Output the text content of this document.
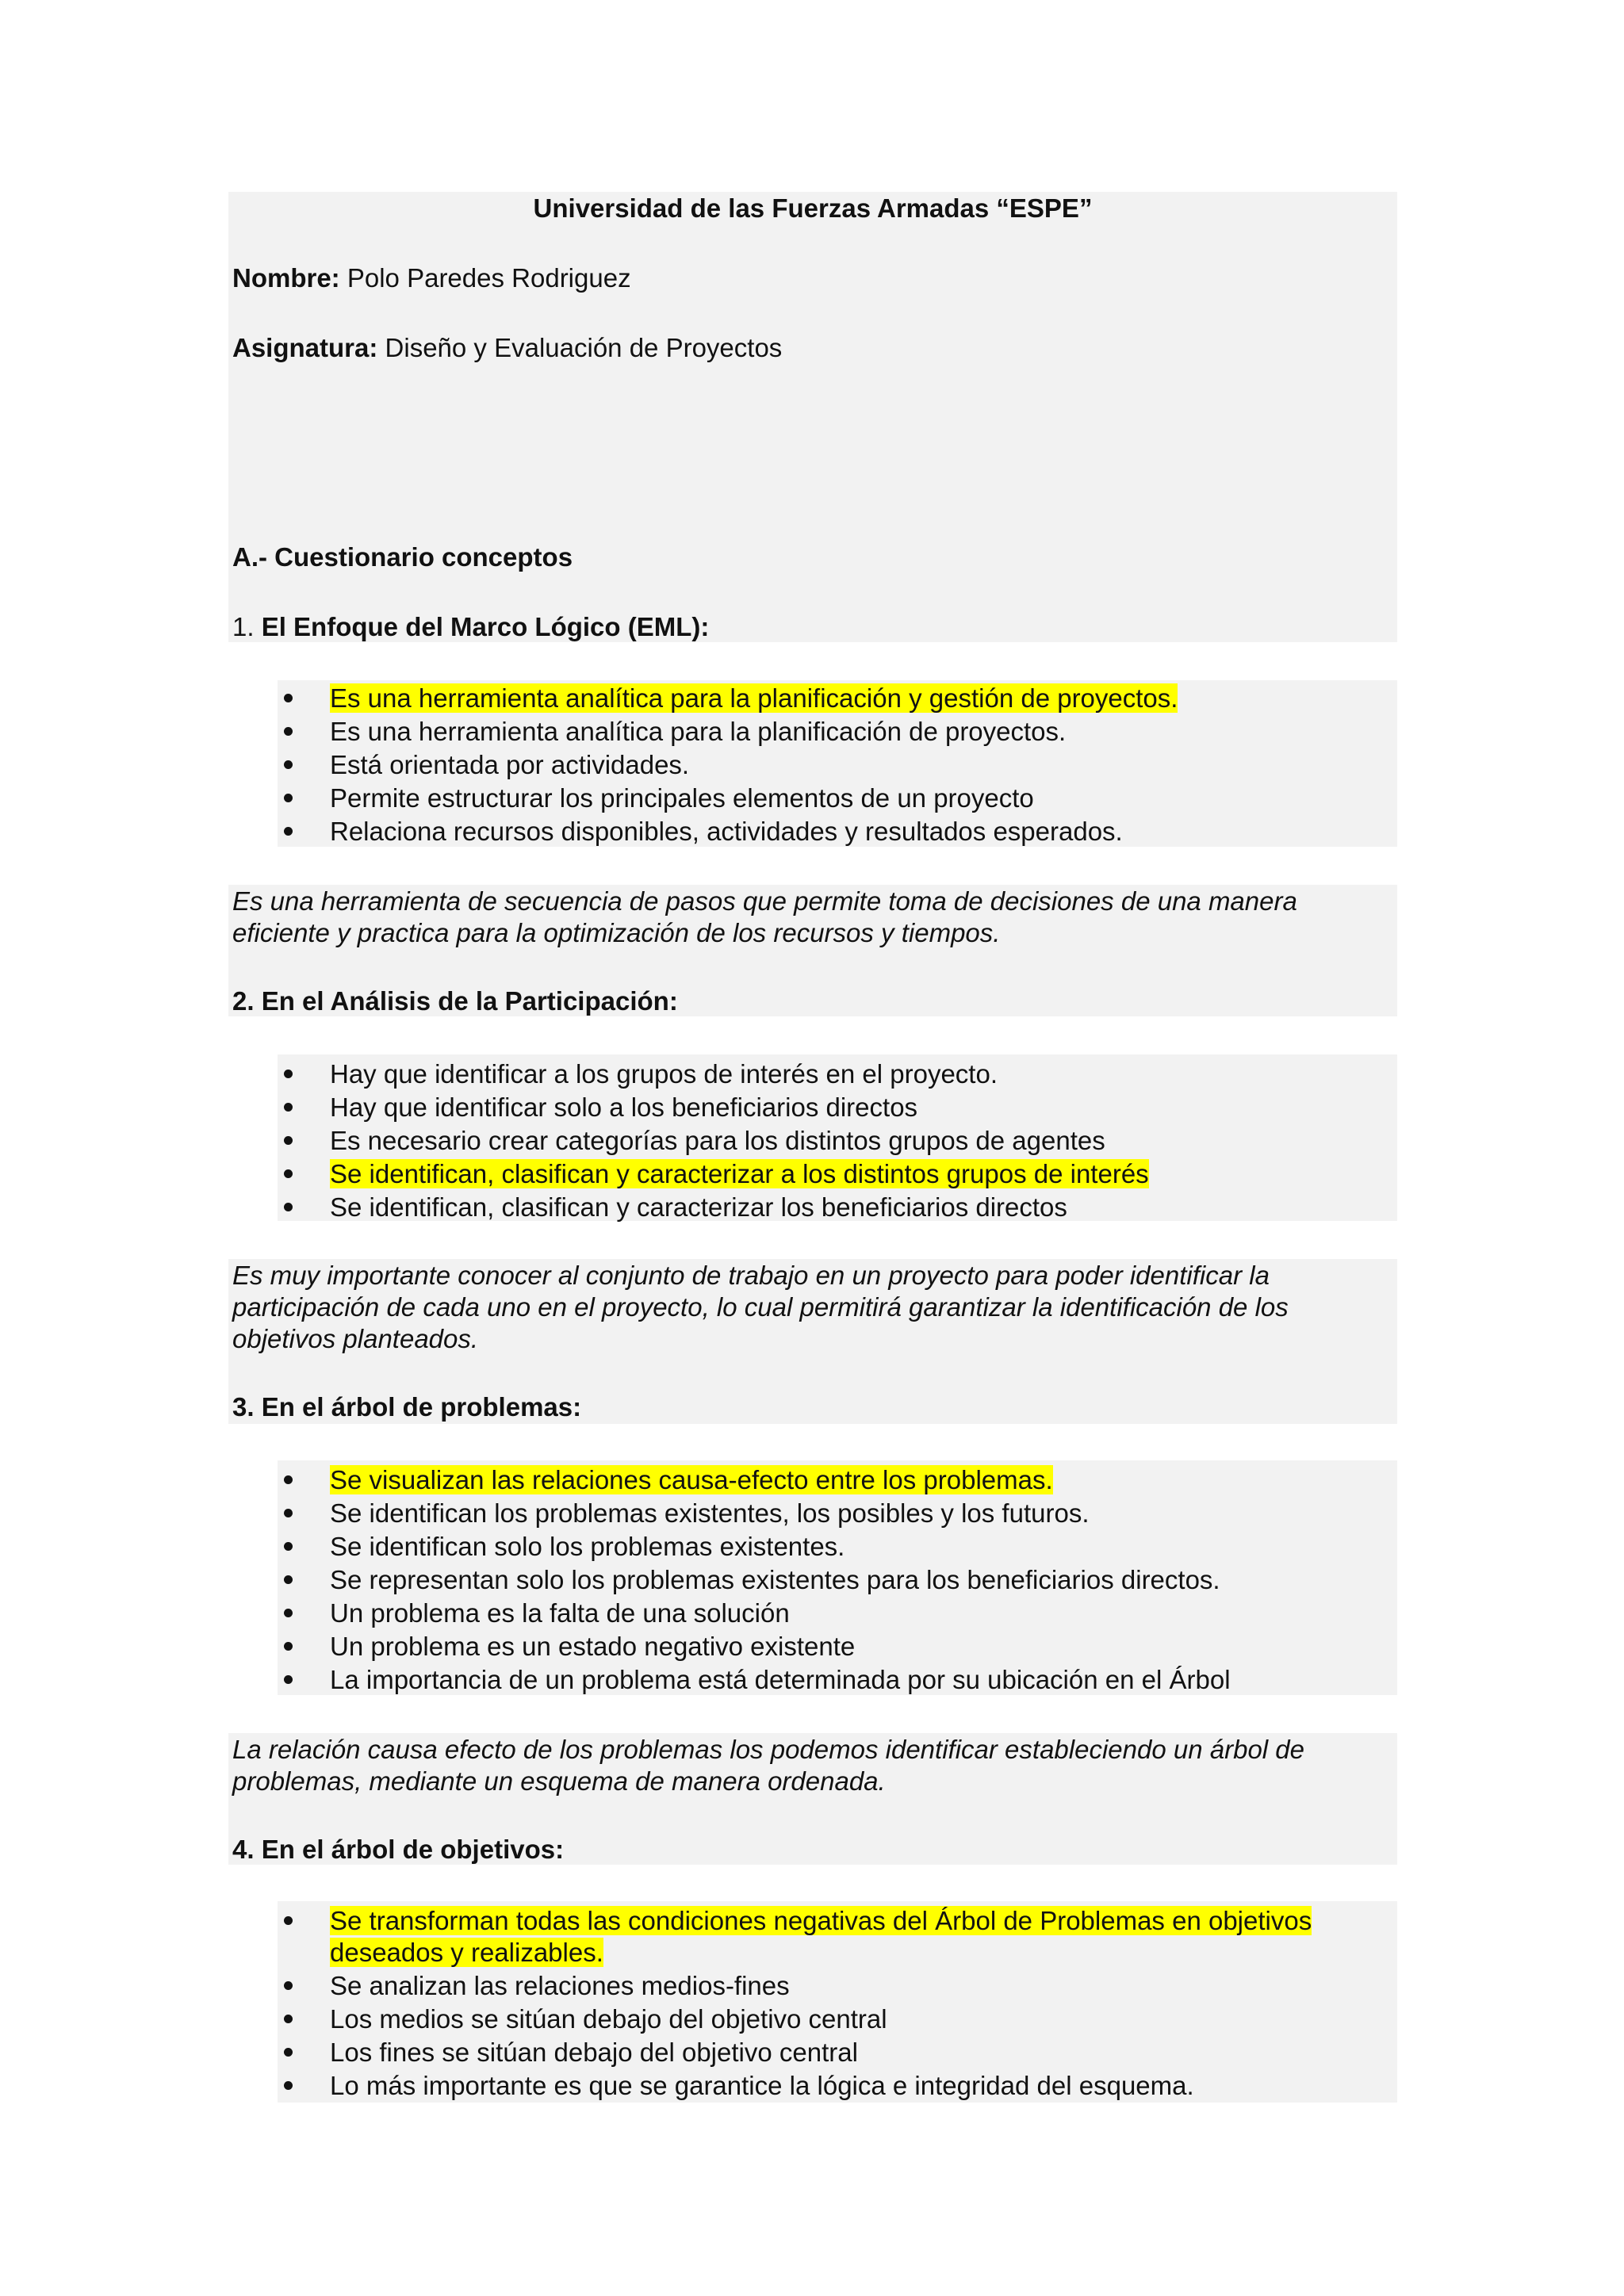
Universidad de las Fuerzas Armadas “ESPE”
Nombre: Polo Paredes Rodriguez
Asignatura: Diseño y Evaluación de Proyectos
A.- Cuestionario conceptos
1. El Enfoque del Marco Lógico (EML):
Es una herramienta analítica para la planificación y gestión de proyectos.
Es una herramienta analítica para la planificación de proyectos.
Está orientada por actividades.
Permite estructurar los principales elementos de un proyecto
Relaciona recursos disponibles, actividades y resultados esperados.
Es una herramienta de secuencia de pasos que permite toma de decisiones de una manera
eficiente y practica para la optimización de los recursos y tiempos.
2. En el Análisis de la Participación:
Hay que identificar a los grupos de interés en el proyecto.
Hay que identificar solo a los beneficiarios directos
Es necesario crear categorías para los distintos grupos de agentes
Se identifican, clasifican y caracterizar a los distintos grupos de interés
Se identifican, clasifican y caracterizar los beneficiarios directos
Es muy importante conocer al conjunto de trabajo en un proyecto para poder identificar la
participación de cada uno en el proyecto, lo cual permitirá garantizar la identificación de los
objetivos planteados.
3. En el árbol de problemas:
Se visualizan las relaciones causa-efecto entre los problemas.
Se identifican los problemas existentes, los posibles y los futuros.
Se identifican solo los problemas existentes.
Se representan solo los problemas existentes para los beneficiarios directos.
Un problema es la falta de una solución
Un problema es un estado negativo existente
La importancia de un problema está determinada por su ubicación en el Árbol
La relación causa efecto de los problemas los podemos identificar estableciendo un árbol de
problemas, mediante un esquema de manera ordenada.
4. En el árbol de objetivos:
Se transforman todas las condiciones negativas del Árbol de Problemas en objetivos
deseados y realizables.
Se analizan las relaciones medios-fines
Los medios se sitúan debajo del objetivo central
Los fines se sitúan debajo del objetivo central
Lo más importante es que se garantice la lógica e integridad del esquema.
